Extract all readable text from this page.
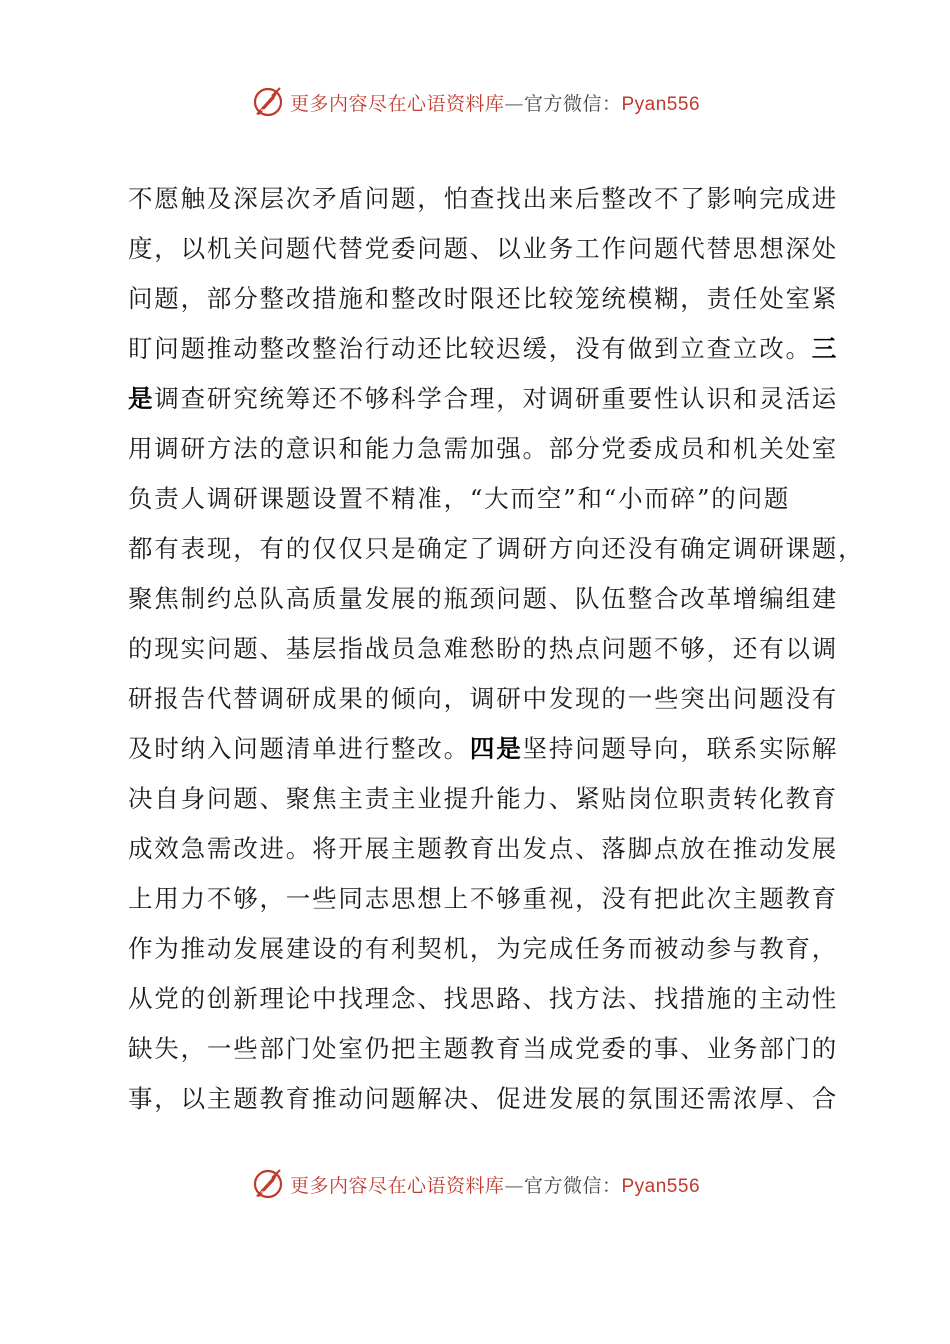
更多内容尽在心语资料库—官方微信：Pyan556
不愿触及深层次矛盾问题，怕查找出来后整改不了影响完成进
度，以机关问题代替党委问题、以业务工作问题代替思想深处
问题，部分整改措施和整改时限还比较笼统模糊，责任处室紧
盯问题推动整改整治行动还比较迟缓，没有做到立查立改。三
是调查研究统筹还不够科学合理，对调研重要性认识和灵活运
用调研方法的意识和能力急需加强。部分党委成员和机关处室
负责人调研课题设置不精准，“大而空”和“小而碎”的问题
都有表现，有的仅仅只是确定了调研方向还没有确定调研课题，
聚焦制约总队高质量发展的瓶颈问题、队伍整合改革增编组建
的现实问题、基层指战员急难愁盼的热点问题不够，还有以调
研报告代替调研成果的倾向，调研中发现的一些突出问题没有
及时纳入问题清单进行整改。四是坚持问题导向，联系实际解
决自身问题、聚焦主责主业提升能力、紧贴岗位职责转化教育
成效急需改进。将开展主题教育出发点、落脚点放在推动发展
上用力不够，一些同志思想上不够重视，没有把此次主题教育
作为推动发展建设的有利契机，为完成任务而被动参与教育，
从党的创新理论中找理念、找思路、找方法、找措施的主动性
缺失，一些部门处室仍把主题教育当成党委的事、业务部门的
事，以主题教育推动问题解决、促进发展的氛围还需浓厚、合
更多内容尽在心语资料库—官方微信：Pyan556
